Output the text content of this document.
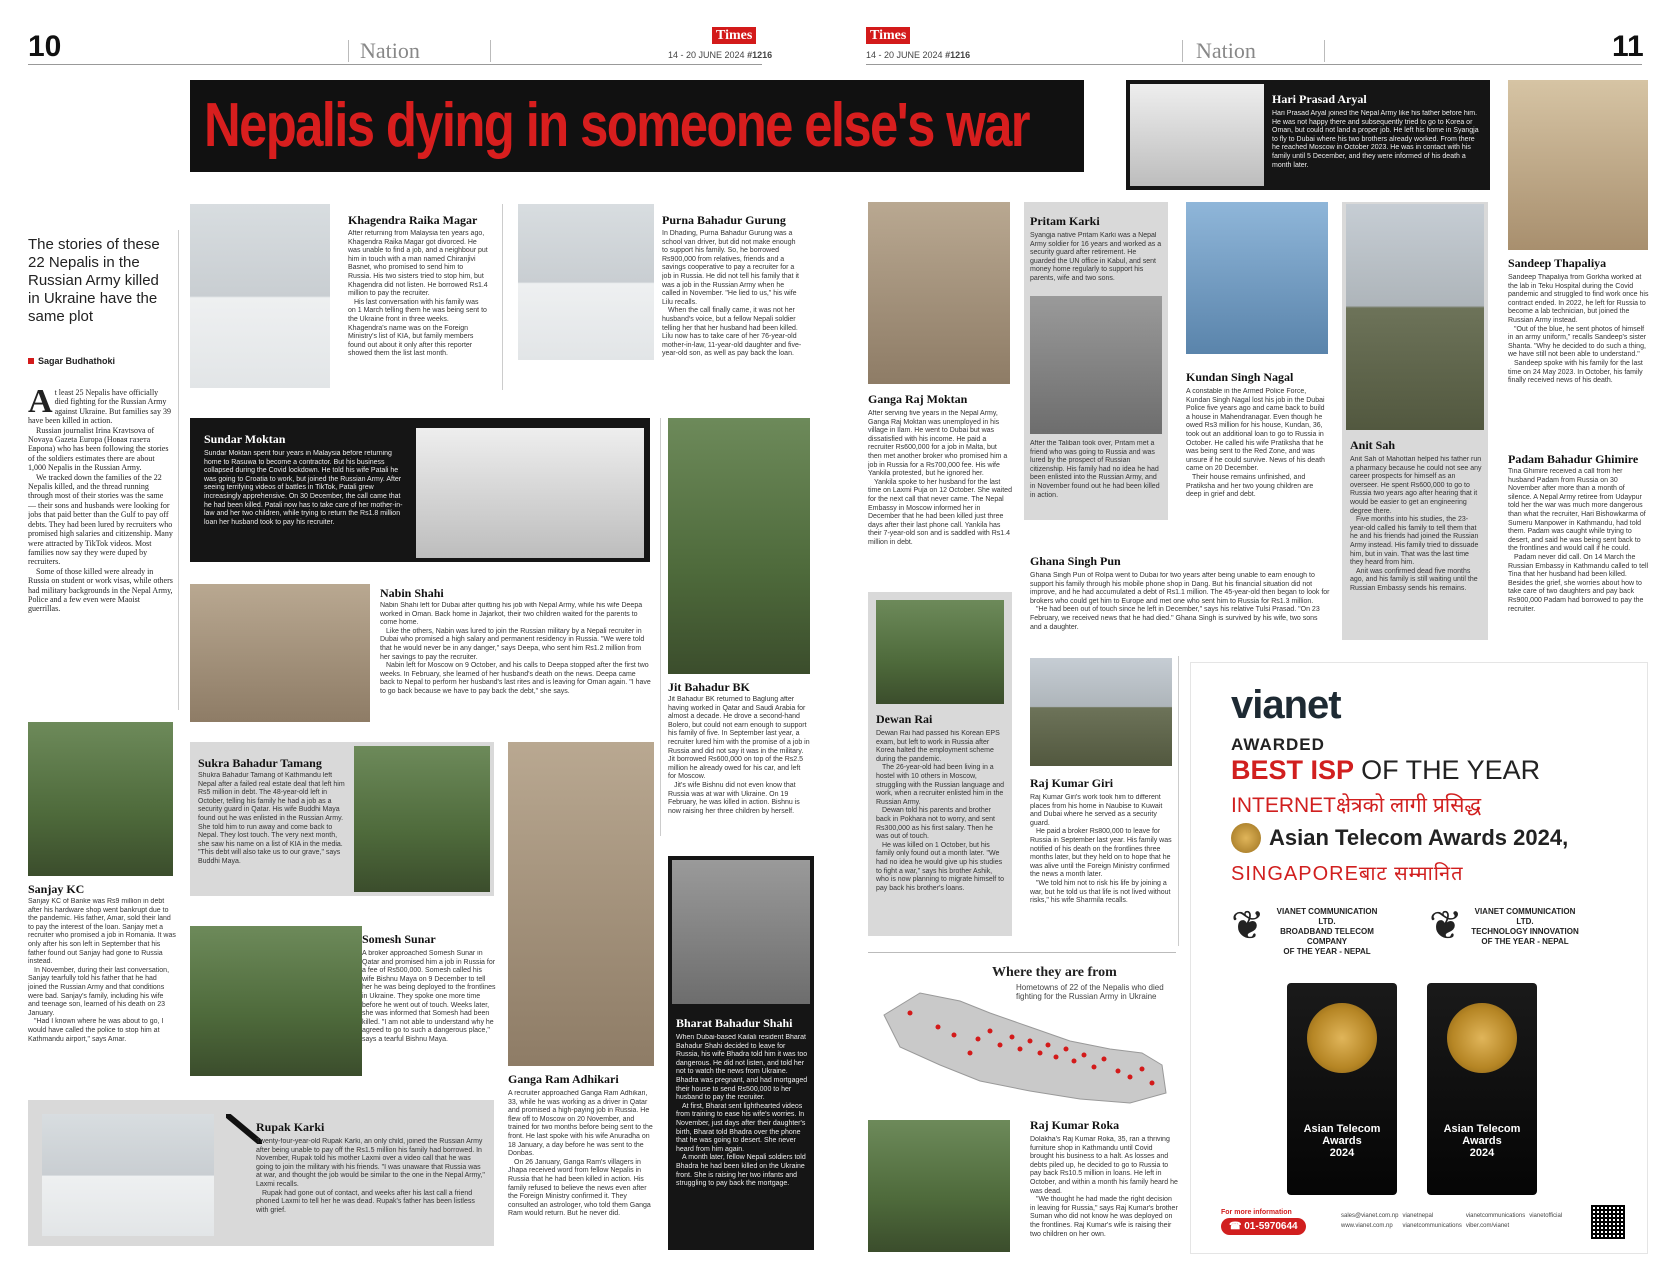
10	Nation
Times
14 - 20 JUNE 2024 #1216
Times
14 - 20 JUNE 2024 #1216	Nation	11
Nepalis dying in someone else's war
The stories of these 22 Nepalis in the Russian Army killed in Ukraine have the same plot
Sagar Budhathoki

At least 25 Nepalis have officially died fighting for the Russian Army against Ukraine. But families say 39 have been killed in action.

Russian journalist Irina Kravtsova of Novaya Gazeta Europa (Новая газета Европа) who has been following the stories of the soldiers estimates there are about 1,000 Nepalis in the Russian Army.

We tracked down the families of the 22 Nepalis killed, and the thread running through most of their stories was the same — their sons and husbands were looking for jobs that paid better than the Gulf to pay off debts. They had been lured by recruiters who promised high salaries and citizenship. Many were attracted by TikTok videos. Most families now say they were duped by recruiters.

Some of those killed were already in Russia on student or work visas, while others had military backgrounds in the Nepal Army, Police and a few even were Maoist guerrillas.

Sanjay KC

Sanjay KC of Banke was Rs9 million in debt after his hardware shop went bankrupt due to the pandemic. His father, Amar, sold their land to pay the interest of the loan. Sanjay met a recruiter who promised a job in Romania. It was only after his son left in September that his father found out Sanjay had gone to Russia instead.

In November, during their last conversation, Sanjay tearfully told his father that he had joined the Russian Army and that conditions were bad. Sanjay's family, including his wife and teenage son, learned of his death on 23 January.

"Had I known where he was about to go, I would have called the police to stop him at Kathmandu airport," says Amar.

Khagendra Raika Magar

After returning from Malaysia ten years ago, Khagendra Raika Magar got divorced. He was unable to find a job, and a neighbour put him in touch with a man named Chiranjivi Basnet, who promised to send him to Russia. His two sisters tried to stop him, but Khagendra did not listen. He borrowed Rs1.4 million to pay the recruiter.

His last conversation with his family was on 1 March telling them he was being sent to the Ukraine front in three weeks. Khagendra's name was on the Foreign Ministry's list of KIA, but family members found out about it only after this reporter showed them the list last month.

Purna Bahadur Gurung

In Dhading, Purna Bahadur Gurung was a school van driver, but did not make enough to support his family. So, he borrowed Rs900,000 from relatives, friends and a savings cooperative to pay a recruiter for a job in Russia. He did not tell his family that it was a job in the Russian Army when he called in November. "He lied to us," his wife Lilu recalls.

When the call finally came, it was not her husband's voice, but a fellow Nepali soldier telling her that her husband had been killed. Lilu now has to take care of her 76-year-old mother-in-law, 11-year-old daughter and five-year-old son, as well as pay back the loan.

Sundar Moktan

Sundar Moktan spent four years in Malaysia before returning home to Rasuwa to become a contractor. But his business collapsed during the Covid lockdown. He told his wife Patali he was going to Croatia to work, but joined the Russian Army. After seeing terrifying videos of battles in TikTok, Patali grew increasingly apprehensive. On 30 December, the call came that he had been killed. Patali now has to take care of her mother-in-law and her two children, while trying to return the Rs1.8 million loan her husband took to pay his recruiter.

Jit Bahadur BK

Jit Bahadur BK returned to Baglung after having worked in Qatar and Saudi Arabia for almost a decade. He drove a second-hand Bolero, but could not earn enough to support his family of five. In September last year, a recruiter lured him with the promise of a job in Russia and did not say it was in the military. Jit borrowed Rs600,000 on top of the Rs2.5 million he already owed for his car, and left for Moscow.

Jit's wife Bishnu did not even know that Russia was at war with Ukraine. On 19 February, he was killed in action. Bishnu is now raising her three children by herself.

Nabin Shahi

Nabin Shahi left for Dubai after quitting his job with Nepal Army, while his wife Deepa worked in Oman. Back home in Jajarkot, their two children waited for the parents to come home.

Like the others, Nabin was lured to join the Russian military by a Nepali recruiter in Dubai who promised a high salary and permanent residency in Russia. "We were told that he would never be in any danger," says Deepa, who sent him Rs1.2 million from her savings to pay the recruiter.

Nabin left for Moscow on 9 October, and his calls to Deepa stopped after the first two weeks. In February, she learned of her husband's death on the news. Deepa came back to Nepal to perform her husband's last rites and is leaving for Oman again. "I have to go back because we have to pay back the debt," she says.

Sukra Bahadur Tamang

Shukra Bahadur Tamang of Kathmandu left Nepal after a failed real estate deal that left him Rs5 million in debt. The 48-year-old left in October, telling his family he had a job as a security guard in Qatar. His wife Buddhi Maya found out he was enlisted in the Russian Army. She told him to run away and come back to Nepal. They lost touch. The very next month, she saw his name on a list of KIA in the media. "This debt will also take us to our grave," says Buddhi Maya.

Ganga Ram Adhikari

A recruiter approached Ganga Ram Adhikari, 33, while he was working as a driver in Qatar and promised a high-paying job in Russia. He flew off to Moscow on 20 November, and trained for two months before being sent to the front. He last spoke with his wife Anuradha on 18 January, a day before he was sent to the Donbas.

On 26 January, Ganga Ram's villagers in Jhapa received word from fellow Nepalis in Russia that he had been killed in action. His family refused to believe the news even after the Foreign Ministry confirmed it. They consulted an astrologer, who told them Ganga Ram would return. But he never did.

Somesh Sunar

A broker approached Somesh Sunar in Qatar and promised him a job in Russia for a fee of Rs500,000. Somesh called his wife Bishnu Maya on 9 December to tell her he was being deployed to the frontlines in Ukraine. They spoke one more time before he went out of touch. Weeks later, she was informed that Somesh had been killed. "I am not able to understand why he agreed to go to such a dangerous place," says a tearful Bishnu Maya.

Bharat Bahadur Shahi

When Dubai-based Kailali resident Bharat Bahadur Shahi decided to leave for Russia, his wife Bhadra told him it was too dangerous. He did not listen, and told her not to watch the news from Ukraine. Bhadra was pregnant, and had mortgaged their house to send Rs500,000 to her husband to pay the recruiter.

At first, Bharat sent lighthearted videos from training to ease his wife's worries. In November, just days after their daughter's birth, Bharat told Bhadra over the phone that he was going to desert. She never heard from him again.

A month later, fellow Nepali soldiers told Bhadra he had been killed on the Ukraine front. She is raising her two infants and struggling to pay back the mortgage.

Rupak Karki

Twenty-four-year-old Rupak Karki, an only child, joined the Russian Army after being unable to pay off the Rs1.5 million his family had borrowed. In November, Rupak told his mother Laxmi over a video call that he was going to join the military with his friends. "I was unaware that Russia was at war, and thought the job would be similar to the one in the Nepal Army," Laxmi recalls.

Rupak had gone out of contact, and weeks after his last call a friend phoned Laxmi to tell her he was dead. Rupak's father has been listless with grief.

Hari Prasad Aryal

Hari Prasad Aryal joined the Nepal Army like his father before him. He was not happy there and subsequently tried to go to Korea or Oman, but could not land a proper job. He left his home in Syangja to fly to Dubai where his two brothers already worked. From there he reached Moscow in October 2023. He was in contact with his family until 5 December, and they were informed of his death a month later.

Sandeep Thapaliya

Sandeep Thapaliya from Gorkha worked at the lab in Teku Hospital during the Covid pandemic and struggled to find work once his contract ended. In 2022, he left for Russia to become a lab technician, but joined the Russian Army instead.

"Out of the blue, he sent photos of himself in an army uniform," recalls Sandeep's sister Shanta. "Why he decided to do such a thing, we have still not been able to understand."

Sandeep spoke with his family for the last time on 24 May 2023. In October, his family finally received news of his death.

Ganga Raj Moktan

After serving five years in the Nepal Army, Ganga Raj Moktan was unemployed in his village in Ilam. He went to Dubai but was dissatisfied with his income. He paid a recruiter Rs600,000 for a job in Malta, but then met another broker who promised him a job in Russia for a Rs700,000 fee. His wife Yankila protested, but he ignored her.

Yankila spoke to her husband for the last time on Laxmi Puja on 12 October. She waited for the next call that never came. The Nepal Embassy in Moscow informed her in December that he had been killed just three days after their last phone call. Yankila has their 7-year-old son and is saddled with Rs1.4 million in debt.

Pritam Karki

Syangja native Pritam Karki was a Nepal Army soldier for 16 years and worked as a security guard after retirement. He guarded the UN office in Kabul, and sent money home regularly to support his parents, wife and two sons.

After the Taliban took over, Pritam met a friend who was going to Russia and was lured by the prospect of Russian citizenship. His family had no idea he had been enlisted into the Russian Army, and in November found out he had been killed in action.

Kundan Singh Nagal

A constable in the Armed Police Force, Kundan Singh Nagal lost his job in the Dubai Police five years ago and came back to build a house in Mahendranagar. Even though he owed Rs3 million for his house, Kundan, 36, took out an additional loan to go to Russia in October. He called his wife Pratiksha that he was being sent to the Red Zone, and was unsure if he could survive. News of his death came on 20 December.

Their house remains unfinished, and Pratiksha and her two young children are deep in grief and debt.

Anit Sah

Anit Sah of Mahottari helped his father run a pharmacy because he could not see any career prospects for himself as an overseer. He spent Rs600,000 to go to Russia two years ago after hearing that it would be easier to get an engineering degree there.

Five months into his studies, the 23-year-old called his family to tell them that he and his friends had joined the Russian Army instead. His family tried to dissuade him, but in vain. That was the last time they heard from him.

Anit was confirmed dead five months ago, and his family is still waiting until the Russian Embassy sends his remains.

Padam Bahadur Ghimire

Tina Ghimire received a call from her husband Padam from Russia on 30 November after more than a month of silence. A Nepal Army retiree from Udaypur told her the war was much more dangerous than what the recruiter, Hari Bishowkarma of Sumeru Manpower in Kathmandu, had told them. Padam was caught while trying to desert, and said he was being sent back to the frontlines and would call if he could.

Padam never did call. On 14 March the Russian Embassy in Kathmandu called to tell Tina that her husband had been killed. Besides the grief, she worries about how to take care of two daughters and pay back Rs900,000 Padam had borrowed to pay the recruiter.

Ghana Singh Pun

Ghana Singh Pun of Rolpa went to Dubai for two years after being unable to earn enough to support his family through his mobile phone shop in Dang. But his financial situation did not improve, and he had accumulated a debt of Rs1.1 million. The 45-year-old then began to look for brokers who could get him to Europe and met one who sent him to Russia for Rs1.3 million.

"He had been out of touch since he left in December," says his relative Tulsi Prasad. "On 23 February, we received news that he had died." Ghana Singh is survived by his wife, two sons and a daughter.

Dewan Rai

Dewan Rai had passed his Korean EPS exam, but left to work in Russia after Korea halted the employment scheme during the pandemic.

The 26-year-old had been living in a hostel with 10 others in Moscow, struggling with the Russian language and work, when a recruiter enlisted him in the Russian Army.

Dewan told his parents and brother back in Pokhara not to worry, and sent Rs300,000 as his first salary. Then he was out of touch.

He was killed on 1 October, but his family only found out a month later. "We had no idea he would give up his studies to fight a war," says his brother Ashik, who is now planning to migrate himself to pay back his brother's loans.

Raj Kumar Giri

Raj Kumar Giri's work took him to different places from his home in Naubise to Kuwait and Dubai where he served as a security guard.

He paid a broker Rs800,000 to leave for Russia in September last year. His family was notified of his death on the frontlines three months later, but they held on to hope that he was alive until the Foreign Ministry confirmed the news a month later.

"We told him not to risk his life by joining a war, but he told us that life is not lived without risks," his wife Sharmila recalls.

Where they are from
Hometowns of 22 of the Nepalis who died fighting for the Russian Army in Ukraine
Raj Kumar Roka

Dolakha's Raj Kumar Roka, 35, ran a thriving furniture shop in Kathmandu until Covid brought his business to a halt. As losses and debts piled up, he decided to go to Russia to pay back Rs10.5 million in loans. He left in October, and within a month his family heard he was dead.

"We thought he had made the right decision in leaving for Russia," says Raj Kumar's brother Suman who did not know he was deployed on the frontlines. Raj Kumar's wife is raising their two children on her own.

vianet
AWARDED
BEST ISP OF THE YEAR
INTERNETक्षेत्रको लागी प्रसिद्ध
Asian Telecom Awards 2024,
SINGAPOREबाट सम्मानित
❦	VIANET COMMUNICATION LTD.
BROADBAND TELECOM COMPANY
OF THE YEAR - NEPAL
❦	VIANET COMMUNICATION LTD.
TECHNOLOGY INNOVATION
OF THE YEAR - NEPAL
Asian Telecom Awards
2024
Asian Telecom Awards
2024
For more information
☎ 01-5970644
sales@vianet.com.np vianetnepal	vianetcommunications vianetofficial
www.vianet.com.np	vianetcommunications viber.com/vianet
